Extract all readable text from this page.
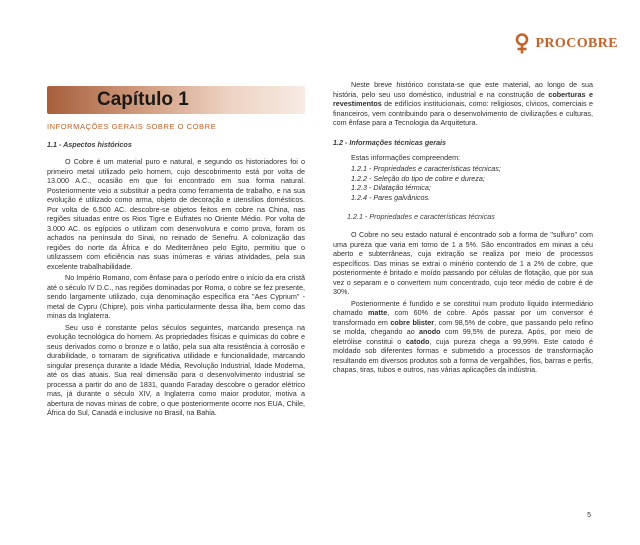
PROCOBRE
Capítulo 1
INFORMAÇÕES GERAIS SOBRE O COBRE

1.1 - Aspectos históricos

O Cobre é um material puro e natural, e segundo os historiadores foi o primeiro metal utilizado pelo homem, cujo descobrimento está por volta de 13.000 A.C., ocasião em que foi encontrado em sua forma natural. Posteriormente veio a substituir a pedra como ferramenta de trabalho, e na sua evolução é utilizado como arma, objeto de decoração e utensílios domésticos. Por volta de 6.500 AC. descobre-se objetos feitos em cobre na China, nas regiões situadas entre os Rios Tigre e Eufrates no Oriente Médio. Por volta de 3.000 AC. os egípcios o utilizam com desenvolvura e como prova, foram os achados na península do Sinai, no reinado de Senefru. A colonização das regiões do norte da África e do Mediterrâneo pelo Egito, permitiu que o utilizassem com eficiência nas suas inúmeras e várias atividades, pela sua excelente trabalhabilidade.

No Império Romano, com ênfase para o período entre o início da era cristã até o século IV D.C., nas regiões dominadas por Roma, o cobre se fez presente, sendo largamente utilizado, cuja denominação específica era "Aes Cyprium" - metal de Cypru (Chipre), pois vinha particularmente dessa ilha, bem como das minas da Inglaterra.

Seu uso é constante pelos séculos seguintes, marcando presença na evolução tecnológica do homem. As propriedades físicas e químicas do cobre e seus derivados como o bronze e o latão, pela sua alta resistência à corrosão e durabilidade, o tornaram de significativa utilidade e funcionalidade, marcando singular presença durante a Idade Média, Revolução Industrial, Idade Moderna, até os dias atuais. Sua real dimensão para o desenvolvimento industrial se processa a partir do ano de 1831, quando Faraday descobre o gerador elétrico mas, já durante o século XIV, a Inglaterra como maior produtor, motiva a abertura de novas minas de cobre, o que posteriormente ocorre nos EUA, Chile, África do Sul, Canadá e inclusive no Brasil, na Bahia.

Neste breve histórico constata-se que este material, ao longo de sua história, pelo seu uso doméstico, industrial e na construção de coberturas e revestimentos de edifícios institucionais, como: religiosos, cívicos, comerciais e financeiros, vem contribuindo para o desenvolvimento de civilizações e culturas, com ênfase para a Tecnologia da Arquitetura.

1.2 - Informações técnicas gerais

Estas informações compreendem:

1.2.1 - Propriedades e características técnicas;
1.2.2 - Seleção do tipo de cobre e dureza;
1.2.3 - Dilatação térmica;
1.2.4 - Pares galvânicos.

1.2.1 - Propriedades e características técnicas

O Cobre no seu estado natural é encontrado sob a forma de "sulfuro" com uma pureza que varia em torno de 1 a 5%. São encontrados em minas a céu aberto e subterrâneas, cuja extração se realiza por meio de processos específicos. Das minas se extrai o minério contendo de 1 a 2% de cobre, que posteriormente é britado e moído passando por células de flotação, que por sua vez o separam e o convertem num concentrado, cujo teor médio de cobre é de 30%.

Posteriormente é fundido e se constitui num produto líquido intermediário chamado matte, com 60% de cobre. Após passar por um conversor é transformado em cobre blister, com 98,5% de cobre, que passando pelo refino se molda, chegando ao anodo com 99,5% de pureza. Após, por meio de eletrólise constitui o catodo, cuja pureza chega a 99,99%. Este catodo é moldado sob diferentes formas e submetido a processos de transformação resultando em diversos produtos sob a forma de vergalhões, fios, barras e perfis, chapas, tiras, tubos e outros, nas várias aplicações da indústria.

5
